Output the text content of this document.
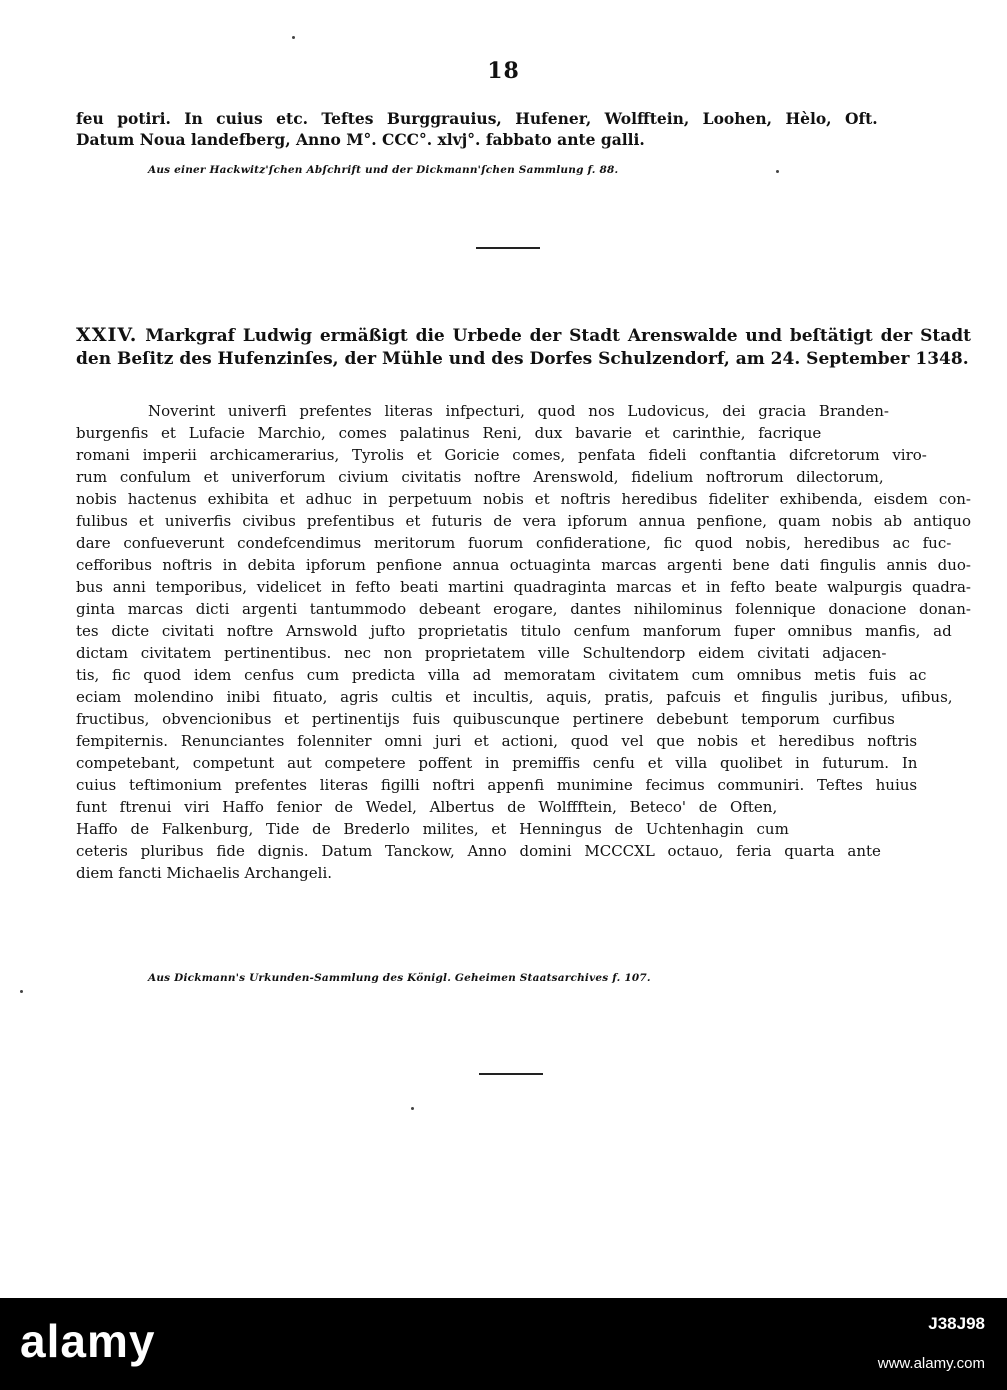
18

feu potiri. In cuius etc. Teftes Burggrauius, Hufener, Wolfftein, Loohen, Hèlo, Oft.

Datum Noua landefberg, Anno M°. CCC°. xlvj°. fabbato ante galli.

Aus einer Hackwitz'ſchen Abſchrift und der Dickmann'ſchen Sammlung f. 88.

XXIV. Markgraf Ludwig ermäßigt die Urbede der Stadt Arenswalde und beſtätigt der Stadt

den Beſitz des Hufenzinſes, der Mühle und des Dorfes Schulzendorf, am 24. September 1348.

Noverint univerfi prefentes literas infpecturi, quod nos Ludovicus, dei gracia Branden-

burgenfis et Lufacie Marchio, comes palatinus Reni, dux bavarie et carinthie, facrique

romani imperii archicamerarius, Tyrolis et Goricie comes, penfata fideli conftantia difcretorum viro-

rum confulum et univerforum civium civitatis noftre Arenswold, fidelium noftrorum dilectorum,

nobis hactenus exhibita et adhuc in perpetuum nobis et noftris heredibus fideliter exhibenda, eisdem con-

fulibus et univerfis civibus prefentibus et futuris de vera ipforum annua penfione, quam nobis ab antiquo

dare confueverunt condefcendimus meritorum fuorum confideratione, fic quod nobis, heredibus ac fuc-

cefforibus noftris in debita ipforum penfione annua octuaginta marcas argenti bene dati fingulis annis duo-

bus anni temporibus, videlicet in fefto beati martini quadraginta marcas et in fefto beate walpurgis quadra-

ginta marcas dicti argenti tantummodo debeant erogare, dantes nihilominus folennique donacione donan-

tes dicte civitati noftre Arnswold jufto proprietatis titulo cenfum manforum fuper omnibus manfis, ad

dictam civitatem pertinentibus. nec non proprietatem ville Schultendorp eidem civitati adjacen-

tis, fic quod idem cenfus cum predicta villa ad memoratam civitatem cum omnibus metis fuis ac

eciam molendino inibi fituato, agris cultis et incultis, aquis, pratis, pafcuis et fingulis juribus, ufibus,

fructibus, obvencionibus et pertinentijs fuis quibuscunque pertinere debebunt temporum curfibus

fempiternis. Renunciantes folenniter omni juri et actioni, quod vel que nobis et heredibus noftris

competebant, competunt aut competere poffent in premiffis cenfu et villa quolibet in futurum. In

cuius teftimonium prefentes literas figilli noftri appenfi munimine fecimus communiri. Teftes huius

funt ftrenui viri Haffo fenior de Wedel, Albertus de Wolffftein, Beteco' de Often,

Haffo de Falkenburg, Tide de Brederlo milites, et Henningus de Uchtenhagin cum

ceteris pluribus fide dignis. Datum Tanckow, Anno domini MCCCXL octauo, feria quarta ante

diem fancti Michaelis Archangeli.

Aus Dickmann's Urkunden-Sammlung des Königl. Geheimen Staatsarchives f. 107.

alamy	J38J98
www.alamy.com
